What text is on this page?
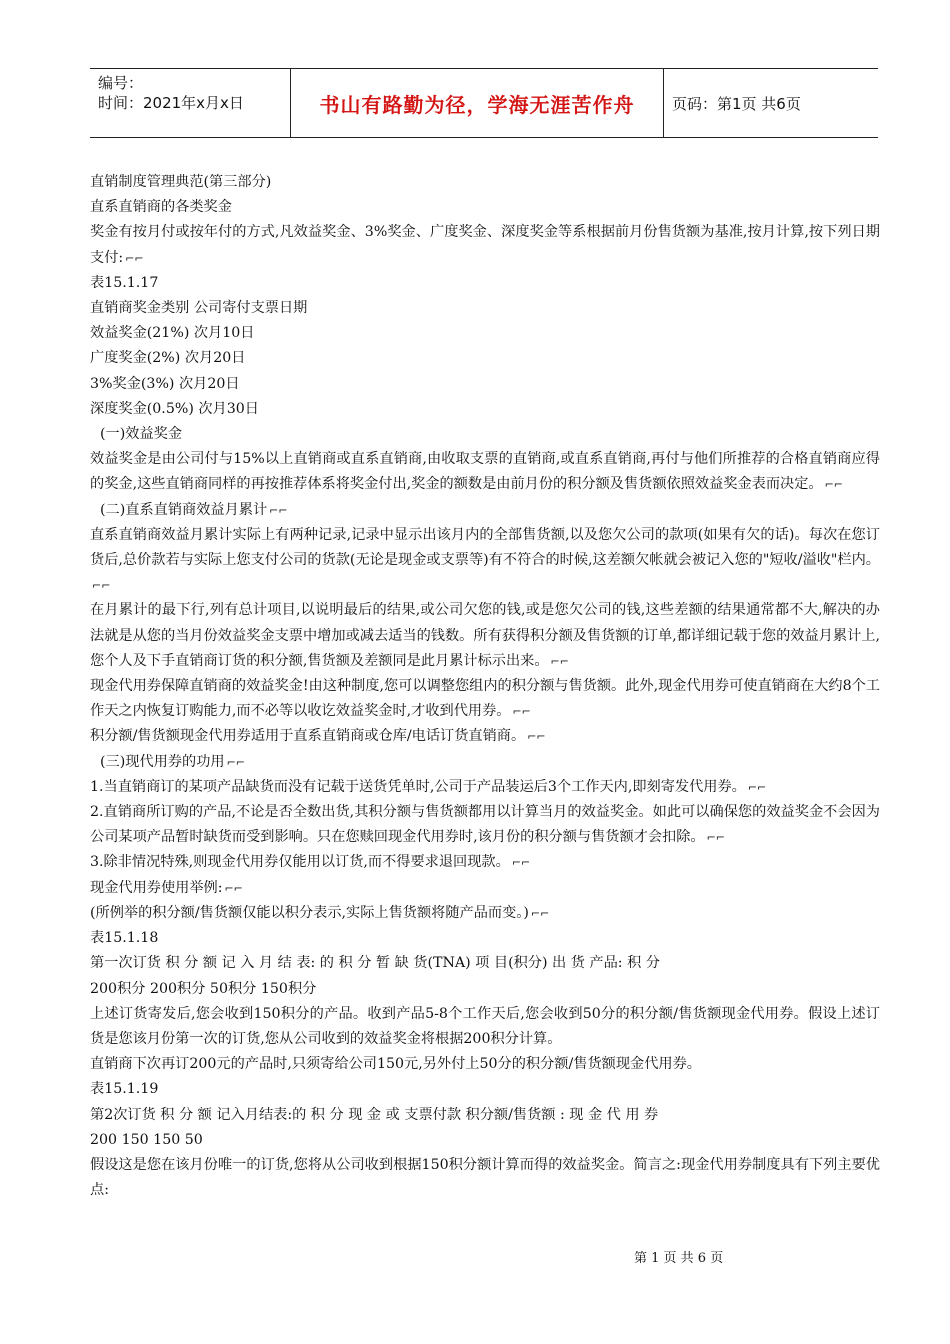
编号：
时间：2021年x月x日	书山有路勤为径，学海无涯苦作舟	页码：第1页 共6页

直销制度管理典范(第三部分)

直系直销商的各类奖金

奖金有按月付或按年付的方式,凡效益奖金、3%奖金、广度奖金、深度奖金等系根据前月份售货额为基准,按月计算,按下列日期支付: ⌐⌐

表15.1.17

直销商奖金类别 公司寄付支票日期

效益奖金(21%) 次月10日

广度奖金(2%) 次月20日

3%奖金(3%) 次月20日

深度奖金(0.5%) 次月30日

(一)效益奖金

效益奖金是由公司付与15%以上直销商或直系直销商,由收取支票的直销商,或直系直销商,再付与他们所推荐的合格直销商应得的奖金,这些直销商同样的再按推荐体系将奖金付出,奖金的额数是由前月份的积分额及售货额依照效益奖金表而决定。 ⌐⌐

(二)直系直销商效益月累计 ⌐⌐

直系直销商效益月累计实际上有两种记录,记录中显示出该月内的全部售货额,以及您欠公司的款项(如果有欠的话)。每次在您订货后,总价款若与实际上您支付公司的货款(无论是现金或支票等)有不符合的时候,这差额欠帐就会被记入您的"短收/溢收"栏内。⌐⌐

在月累计的最下行,列有总计项目,以说明最后的结果,或公司欠您的钱,或是您欠公司的钱,这些差额的结果通常都不大,解决的办法就是从您的当月份效益奖金支票中增加或减去适当的钱数。所有获得积分额及售货额的订单,都详细记载于您的效益月累计上,您个人及下手直销商订货的积分额,售货额及差额同是此月累计标示出来。 ⌐⌐

现金代用券保障直销商的效益奖金!由这种制度,您可以调整您组内的积分额与售货额。此外,现金代用券可使直销商在大约8个工作天之内恢复订购能力,而不必等以收讫效益奖金时,才收到代用券。 ⌐⌐

积分额/售货额现金代用券适用于直系直销商或仓库/电话订货直销商。 ⌐⌐

(三)现代用券的功用 ⌐⌐

1.当直销商订的某项产品缺货而没有记载于送货凭单时,公司于产品装运后3个工作天内,即刻寄发代用券。 ⌐⌐

2.直销商所订购的产品,不论是否全数出货,其积分额与售货额都用以计算当月的效益奖金。如此可以确保您的效益奖金不会因为公司某项产品暂时缺货而受到影响。只在您赎回现金代用券时,该月份的积分额与售货额才会扣除。 ⌐⌐

3.除非情况特殊,则现金代用券仅能用以订货,而不得要求退回现款。 ⌐⌐

现金代用券使用举例: ⌐⌐

(所例举的积分额/售货额仅能以积分表示,实际上售货额将随产品而变。) ⌐⌐

表15.1.18

第一次订货 积 分 额 记 入 月 结 表: 的 积 分 暂 缺 货(TNA) 项 目(积分) 出 货 产品: 积 分

200积分 200积分 50积分 150积分

上述订货寄发后,您会收到150积分的产品。收到产品5-8个工作天后,您会收到50分的积分额/售货额现金代用券。假设上述订货是您该月份第一次的订货,您从公司收到的效益奖金将根据200积分计算。

直销商下次再订200元的产品时,只须寄给公司150元,另外付上50分的积分额/售货额现金代用券。

表15.1.19

第2次订货 积 分 额 记入月结表:的 积 分 现 金 或 支票付款 积分额/售货额 : 现 金 代 用 券

200 150 150 50

假设这是您在该月份唯一的订货,您将从公司收到根据150积分额计算而得的效益奖金。简言之:现金代用券制度具有下列主要优点:

第 1 页 共 6 页
